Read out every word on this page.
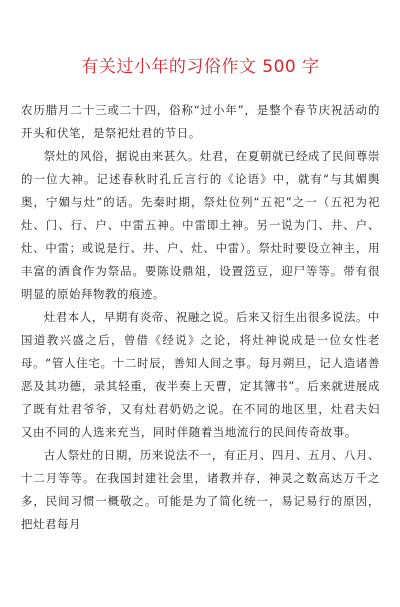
有关过小年的习俗作文 500 字

农历腊月二十三或二十四，俗称“过小年”，是整个春节庆祝活动的开头和伏笔，是祭祀灶君的节日。

祭灶的风俗，据说由来甚久。灶君，在夏朝就已经成了民间尊崇的一位大神。记述春秋时孔丘言行的《论语》中，就有“与其媚舆奥，宁媚与灶”的话。先秦时期，祭灶位列“五祀”之一（五祀为祀灶、门、行、户、中雷五神。中雷即土神。另一说为门、井、户、灶、中雷；或说是行、井、户、灶、中雷）。祭灶时要设立神主，用丰富的酒食作为祭品。要陈设鼎俎，设置笾豆，迎尸等等。带有很明显的原始拜物教的痕迹。

灶君本人，早期有炎帝、祝融之说。后来又衍生出很多说法。中国道教兴盛之后，曾借《经说》之论，将灶神说成是一位女性老母。“管人住宅。十二时辰，善知人间之事。每月朔旦，记人造诸善恶及其功德，录其轻重，夜半奏上天曹，定其簿书”。后来就进展成了既有灶君爷爷，又有灶君奶奶之说。在不同的地区里，灶君夫妇又由不同的人选来充当，同时伴随着当地流行的民间传奇故事。

古人祭灶的日期，历来说法不一，有正月、四月、五月、八月、十二月等等。在我国封建社会里，诸教并存，神灵之数高达万千之多，民间习惯一概敬之。可能是为了简化统一，易记易行的原因，把灶君每月
